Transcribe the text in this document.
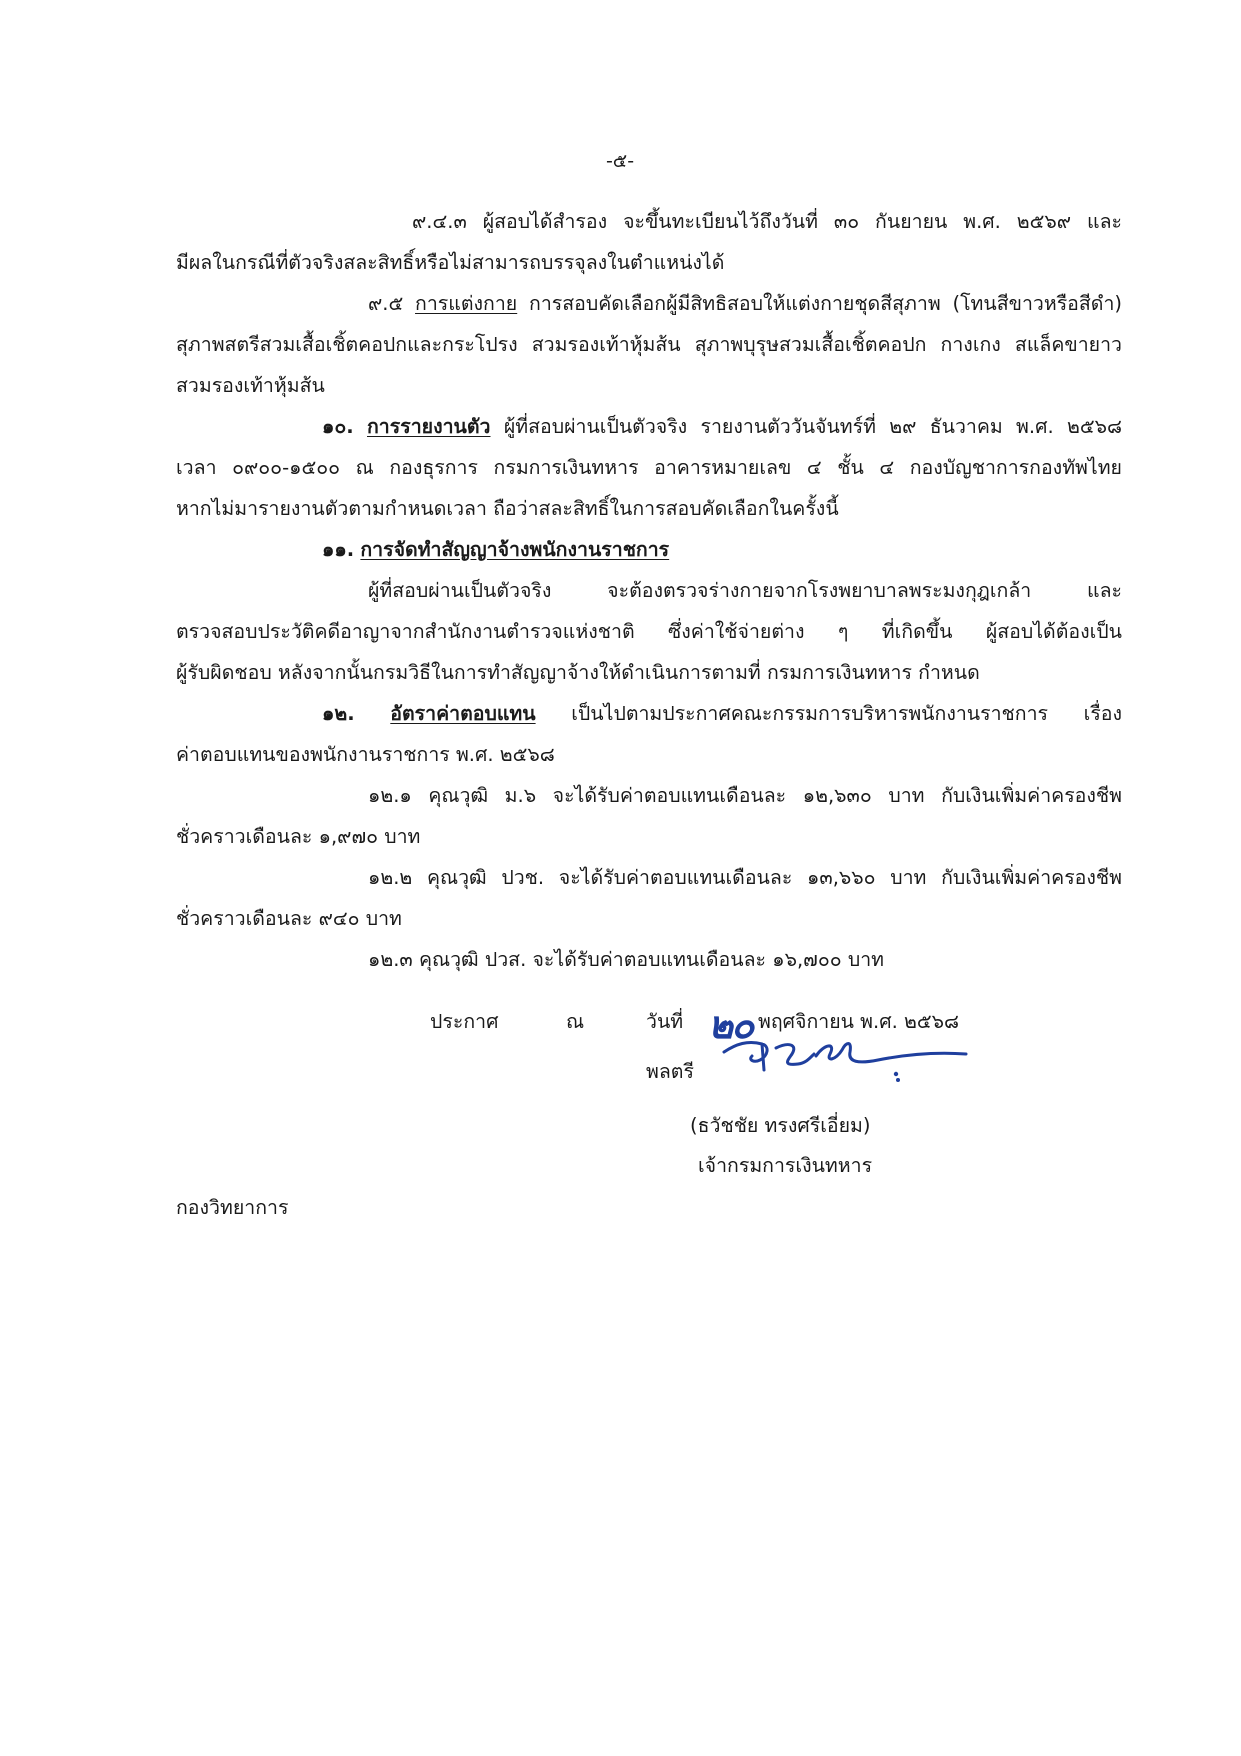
-๕-
๙.๔.๓ ผู้สอบได้สำรอง จะขึ้นทะเบียนไว้ถึงวันที่ ๓๐ กันยายน พ.ศ. ๒๕๖๙ และ
มีผลในกรณีที่ตัวจริงสละสิทธิ์หรือไม่สามารถบรรจุลงในตำแหน่งได้
๙.๕ การแต่งกาย การสอบคัดเลือกผู้มีสิทธิสอบให้แต่งกายชุดสีสุภาพ (โทนสีขาวหรือสีดำ)
สุภาพสตรีสวมเสื้อเชิ้ตคอปกและกระโปรง สวมรองเท้าหุ้มส้น สุภาพบุรุษสวมเสื้อเชิ้ตคอปก กางเกง สแล็คขายาว
สวมรองเท้าหุ้มส้น
๑๐. การรายงานตัว ผู้ที่สอบผ่านเป็นตัวจริง รายงานตัววันจันทร์ที่ ๒๙ ธันวาคม พ.ศ. ๒๕๖๘
เวลา ๐๙๐๐-๑๕๐๐ ณ กองธุรการ กรมการเงินทหาร อาคารหมายเลข ๔ ชั้น ๔ กองบัญชาการกองทัพไทย
หากไม่มารายงานตัวตามกำหนดเวลา ถือว่าสละสิทธิ์ในการสอบคัดเลือกในครั้งนี้
๑๑. การจัดทำสัญญาจ้างพนักงานราชการ
ผู้ที่สอบผ่านเป็นตัวจริง จะต้องตรวจร่างกายจากโรงพยาบาลพระมงกุฎเกล้า และ
ตรวจสอบประวัติคดีอาญาจากสำนักงานตำรวจแห่งชาติ ซึ่งค่าใช้จ่ายต่าง ๆ ที่เกิดขึ้น ผู้สอบได้ต้องเป็น
ผู้รับผิดชอบ หลังจากนั้นกรมวิธีในการทำสัญญาจ้างให้ดำเนินการตามที่ กรมการเงินทหาร กำหนด
๑๒. อัตราค่าตอบแทน เป็นไปตามประกาศคณะกรรมการบริหารพนักงานราชการ เรื่อง
ค่าตอบแทนของพนักงานราชการ พ.ศ. ๒๕๖๘
๑๒.๑ คุณวุฒิ ม.๖ จะได้รับค่าตอบแทนเดือนละ ๑๒,๖๓๐ บาท กับเงินเพิ่มค่าครองชีพ
ชั่วคราวเดือนละ ๑,๙๗๐ บาท
๑๒.๒ คุณวุฒิ ปวช. จะได้รับค่าตอบแทนเดือนละ ๑๓,๖๖๐ บาท กับเงินเพิ่มค่าครองชีพ
ชั่วคราวเดือนละ ๙๔๐ บาท
๑๒.๓ คุณวุฒิ ปวส. จะได้รับค่าตอบแทนเดือนละ ๑๖,๗๐๐ บาท
ประกาศ	ณ	วันที่ ๒๐ พฤศจิกายน พ.ศ. ๒๕๖๘
พลตรี
(ธวัชชัย ทรงศรีเอี่ยม)
เจ้ากรมการเงินทหาร
กองวิทยาการ
